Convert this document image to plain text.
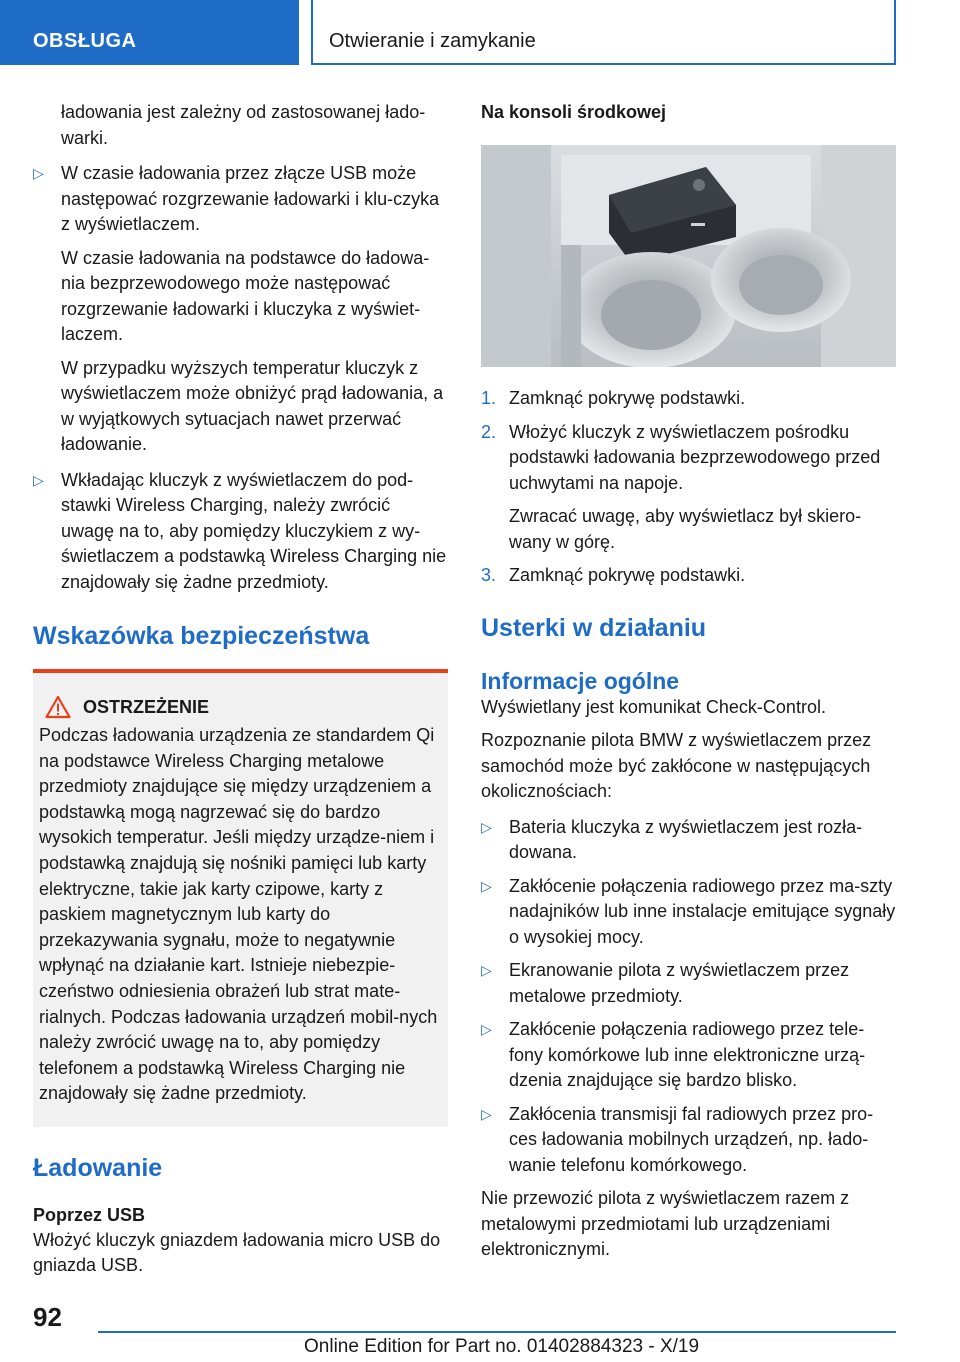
OBSŁUGA	Otwieranie i zamykanie

ładowania jest zależny od zastosowanej łado-warki.

▷ W czasie ładowania przez złącze USB może następować rozgrzewanie ładowarki i klu-czyka z wyświetlaczem.

W czasie ładowania na podstawce do ładowa-nia bezprzewodowego może następować rozgrzewanie ładowarki i kluczyka z wyświet-laczem.

W przypadku wyższych temperatur kluczyk z wyświetlaczem może obniżyć prąd ładowania, a w wyjątkowych sytuacjach nawet przerwać ładowanie.

▷ Wkładając kluczyk z wyświetlaczem do pod-stawki Wireless Charging, należy zwrócić uwagę na to, aby pomiędzy kluczykiem z wy-świetlaczem a podstawką Wireless Charging nie znajdowały się żadne przedmioty.
Wskazówka bezpieczeństwa
OSTRZEŻENIE

Podczas ładowania urządzenia ze standardem Qi na podstawce Wireless Charging metalowe przedmioty znajdujące się między urządzeniem a podstawką mogą nagrzewać się do bardzo wysokich temperatur. Jeśli między urządze-niem i podstawką znajdują się nośniki pamięci lub karty elektryczne, takie jak karty czipowe, karty z paskiem magnetycznym lub karty do przekazywania sygnału, może to negatywnie wpłynąć na działanie kart. Istnieje niebezpie-czeństwo odniesienia obrażeń lub strat mate-rialnych. Podczas ładowania urządzeń mobil-nych należy zwrócić uwagę na to, aby pomiędzy telefonem a podstawką Wireless Charging nie znajdowały się żadne przedmioty.

Ładowanie
Poprzez USB

Włożyć kluczyk gniazdem ładowania micro USB do gniazda USB.

Na konsoli środkowej
1. Zamknąć pokrywę podstawki.
2. Włożyć kluczyk z wyświetlaczem pośrodku podstawki ładowania bezprzewodowego przed uchwytami na napoje.

Zwracać uwagę, aby wyświetlacz był skiero-wany w górę.

3. Zamknąć pokrywę podstawki.
Usterki w działaniu
Informacje ogólne

Wyświetlany jest komunikat Check-Control.

Rozpoznanie pilota BMW z wyświetlaczem przez samochód może być zakłócone w następujących okolicznościach:

▷ Bateria kluczyka z wyświetlaczem jest rozła-dowana.
▷ Zakłócenie połączenia radiowego przez ma-szty nadajników lub inne instalacje emitujące sygnały o wysokiej mocy.
▷ Ekranowanie pilota z wyświetlaczem przez metalowe przedmioty.
▷ Zakłócenie połączenia radiowego przez tele-fony komórkowe lub inne elektroniczne urzą-dzenia znajdujące się bardzo blisko.
▷ Zakłócenia transmisji fal radiowych przez pro-ces ładowania mobilnych urządzeń, np. łado-wanie telefonu komórkowego.

Nie przewozić pilota z wyświetlaczem razem z metalowymi przedmiotami lub urządzeniami elektronicznymi.

92
Online Edition for Part no. 01402884323 - X/19
